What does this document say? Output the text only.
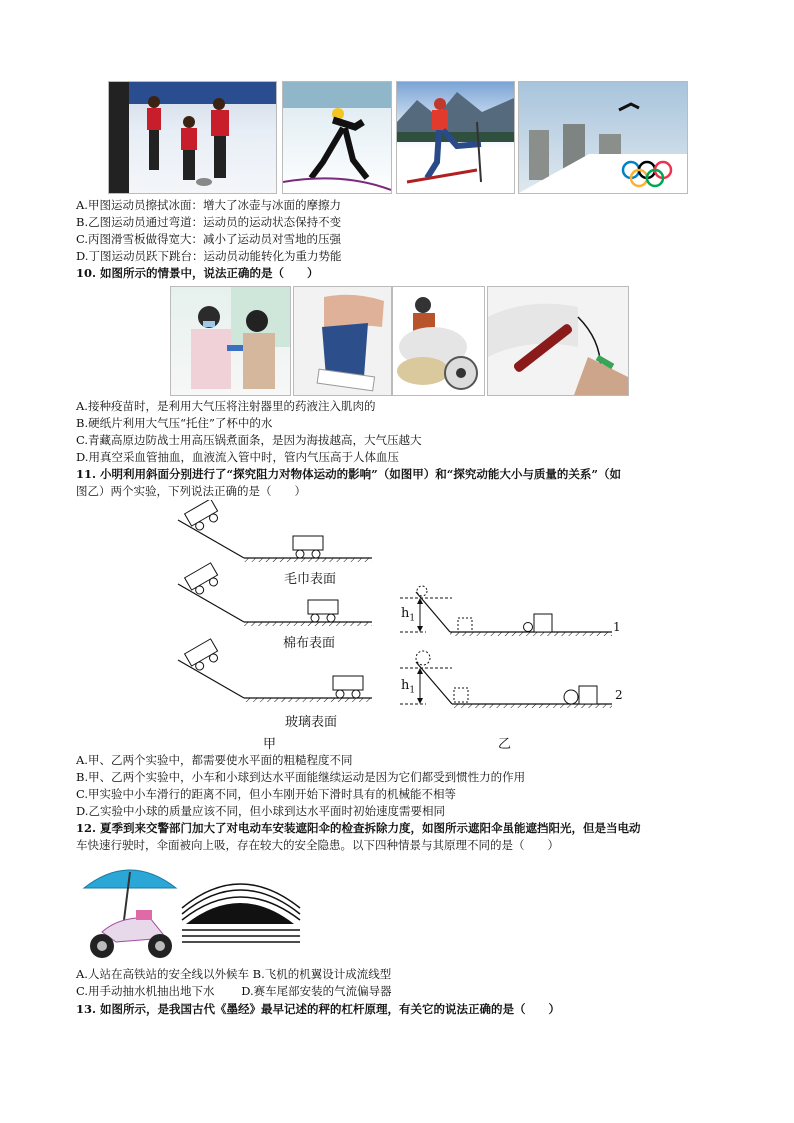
A.甲图运动员擦拭冰面：增大了冰壶与冰面的摩擦力
B.乙图运动员通过弯道：运动员的运动状态保持不变
C.丙图滑雪板做得宽大：减小了运动员对雪地的压强
D.丁图运动员跃下跳台：运动员动能转化为重力势能
10. 如图所示的情景中，说法正确的是（　　）
A.接种疫苗时，是利用大气压将注射器里的药液注入肌肉的
B.硬纸片利用大气压“托住”了杯中的水
C.青藏高原边防战士用高压锅煮面条，是因为海拔越高，大气压越大
D.用真空采血管抽血，血液流入管中时，管内气压高于人体血压
11. 小明利用斜面分别进行了“探究阻力对物体运动的影响”（如图甲）和“探究动能大小与质量的关系”（如
图乙）两个实验，下列说法正确的是（　　）
毛巾表面
棉布表面
玻璃表面
甲
$h_1$
$h_1$
1
2
乙
A.甲、乙两个实验中，都需要使水平面的粗糙程度不同
B.甲、乙两个实验中，小车和小球到达水平面能继续运动是因为它们都受到惯性力的作用
C.甲实验中小车滑行的距离不同，但小车刚开始下滑时具有的机械能不相等
D.乙实验中小球的质量应该不同，但小球到达水平面时初始速度需要相同
12. 夏季到来交警部门加大了对电动车安装遮阳伞的检查拆除力度，如图所示遮阳伞虽能遮挡阳光，但是当电动
车快速行驶时，伞面被向上吸，存在较大的安全隐患。以下四种情景与其原理不同的是（　　）
A.人站在高铁站的安全线以外候车 B.飞机的机翼设计成流线型
C.用手动抽水机抽出地下水　　 D.赛车尾部安装的气流偏导器
13. 如图所示，是我国古代《墨经》最早记述的秤的杠杆原理，有关它的说法正确的是（　　）
